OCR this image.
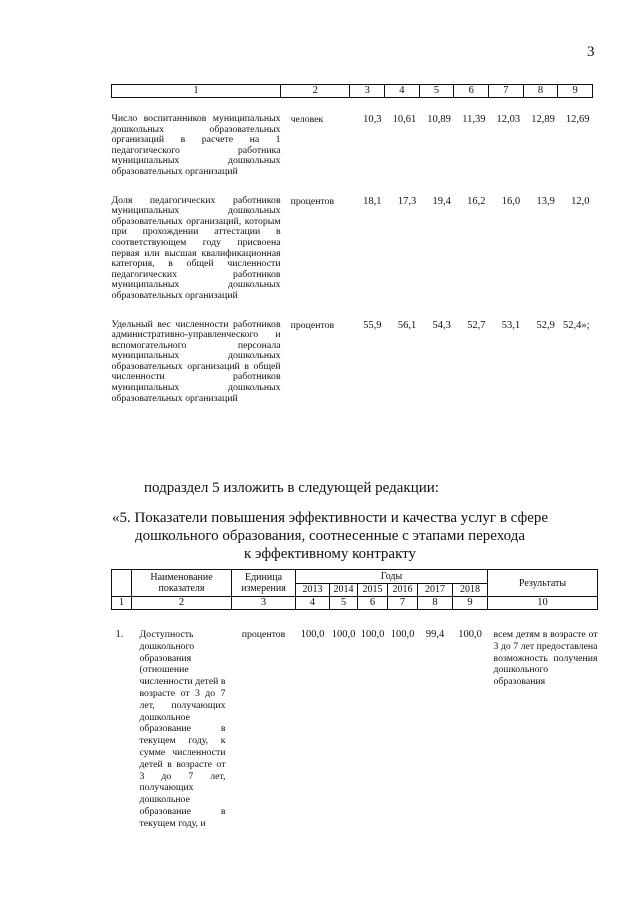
3
1	2	3	4	5	6	7	8	9

Число воспитанников муниципальных дошкольных образовательных организаций в расчете на 1 педагогического работника муниципальных дошкольных образовательных организаций	человек	10,3	10,61	10,89	11,39	12,03	12,89	12,69
Доля педагогических работников муниципальных дошкольных образовательных организаций, которым при прохождении аттестации в соответствующем году присвоена первая или высшая квалификационная категория, в общей численности педагогических работников муниципальных дошкольных образовательных организаций	процентов	18,1	17,3	19,4	16,2	16,0	13,9	12,0
Удельный вес численности работников административно-управленческого и вспомогательного персонала муниципальных дошкольных образовательных организаций в общей численности работников муниципальных дошкольных образовательных организаций	процентов	55,9	56,1	54,3	52,7	53,1	52,9	52,4»;
подраздел 5 изложить в следующей редакции:
«5. Показатели повышения эффективности и качества услуг в сфере
дошкольного образования, соотнесенные с этапами перехода
к эффективному контракту
	Наименование показателя	Единица измерения	Годы						Результаты
			2013	2014	2015	2016	2017	2018	
1	2	3	4	5	6	7	8	9	10
1.	Доступность дошкольного образования (отношение численности детей в возрасте от 3 до 7 лет, получающих дошкольное образование в текущем году, к сумме численности детей в возрасте от 3 до 7 лет, получающих дошкольное образование в текущем году, и	процентов	100,0	100,0	100,0	100,0	99,4	100,0	всем детям в возрасте от 3 до 7 лет предоставлена возможность получения дошкольного образования
